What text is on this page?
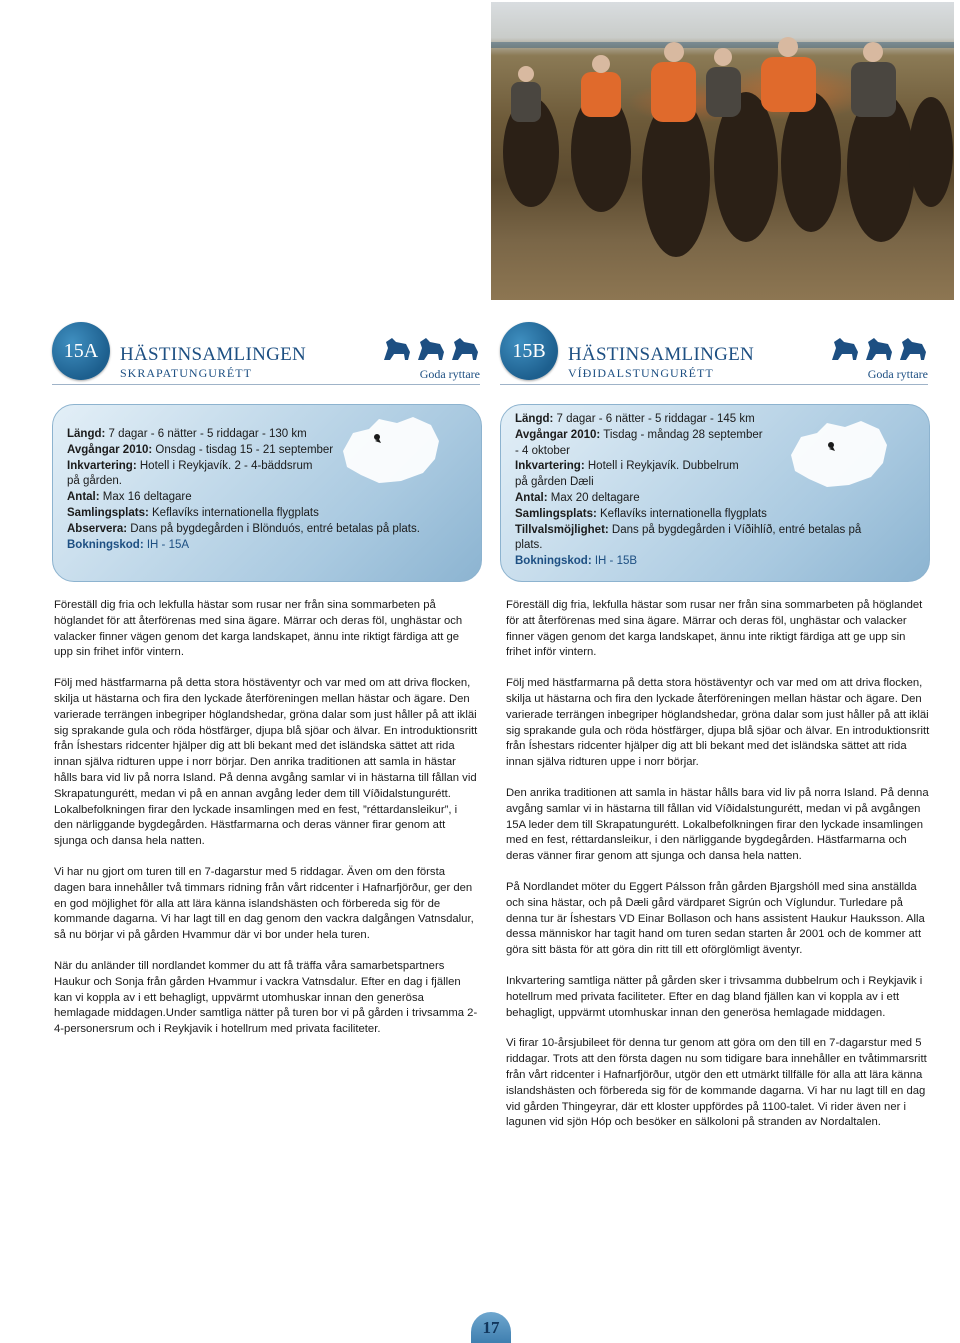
15A	HÄSTINSAMLINGEN
SKRAPATUNGURÉTT	Goda ryttare
15B	HÄSTINSAMLINGEN
VÍÐIDALSTUNGURÉTT	Goda ryttare
Längd: 7 dagar - 6 nätter - 5 riddagar - 130 km
Avgångar 2010: Onsdag - tisdag 15 - 21 september
Inkvartering: Hotell i Reykjavík. 2 - 4-bäddsrum
på gården.
Antal: Max 16 deltagare
Samlingsplats: Keflavíks internationella flygplats
Abservera: Dans på bygdegården i Blönduós, entré betalas på plats.
Bokningskod: IH - 15A
Längd: 7 dagar - 6 nätter - 5 riddagar - 145 km
Avgångar 2010: Tisdag - måndag 28 september
- 4 oktober
Inkvartering: Hotell i Reykjavík. Dubbelrum
på gården Dæli
Antal: Max 20 deltagare
Samlingsplats: Keflavíks internationella flygplats
Tillvalsmöjlighet: Dans på bygdegården i Víðihlíð, entré betalas på
plats.
Bokningskod: IH - 15B

Föreställ dig fria och lekfulla hästar som rusar ner från sina sommarbeten på höglandet för att återförenas med sina ägare. Märrar och deras föl, unghästar och valacker finner vägen genom det karga landskapet, ännu inte riktigt färdiga att ge upp sin frihet inför vintern.

Följ med hästfarmarna på detta stora höstäventyr och var med om att driva flocken, skilja ut hästarna och fira den lyckade återföreningen mellan hästar och ägare. Den varierade terrängen inbegriper höglandshedar, gröna dalar som just håller på att ikläi sig sprakande gula och röda höstfärger, djupa blå sjöar och älvar. En introduktionsritt från Íshestars ridcenter hjälper dig att bli bekant med det isländska sättet att rida innan själva ridturen uppe i norr börjar. Den anrika traditionen att samla in hästar hålls bara vid liv på norra Island. På denna avgång samlar vi in hästarna till fållan vid Skrapatungurétt, medan vi på en annan avgång leder dem till Víðidalstungurétt. Lokalbefolkningen firar den lyckade insamlingen med en fest, ”réttardansleikur”, i den närliggande bygdegården. Hästfarmarna och deras vänner firar genom att sjunga och dansa hela natten.

Vi har nu gjort om turen till en 7-dagarstur med 5 riddagar. Även om den första dagen bara innehåller två timmars ridning från vårt ridcenter i Hafnarfjörður, ger den en god möjlighet för alla att lära känna islandshästen och förbereda sig för de kommande dagarna. Vi har lagt till en dag genom den vackra dalgången Vatnsdalur, så nu börjar vi på gården Hvammur där vi bor under hela turen.

När du anländer till nordlandet kommer du att få träffa våra samarbetspartners Haukur och Sonja från gården Hvammur i vackra Vatnsdalur. Efter en dag i fjällen kan vi koppla av i ett behagligt, uppvärmt utomhuskar innan den generösa hemlagade middagen.Under samtliga nätter på turen bor vi på gården i trivsamma 2-4-personersrum och i Reykjavik i hotellrum med privata faciliteter.

Föreställ dig fria, lekfulla hästar som rusar ner från sina sommarbeten på höglandet för att återförenas med sina ägare. Märrar och deras föl, unghästar och valacker finner vägen genom det karga landskapet, ännu inte riktigt färdiga att ge upp sin frihet inför vintern.

Följ med hästfarmarna på detta stora höstäventyr och var med om att driva flocken, skilja ut hästarna och fira den lyckade återföreningen mellan hästar och ägare. Den varierade terrängen inbegriper höglandshedar, gröna dalar som just håller på att ikläi sig sprakande gula och röda höstfärger, djupa blå sjöar och älvar. En introduktionsritt från Íshestars ridcenter hjälper dig att bli bekant med det isländska sättet att rida innan själva ridturen uppe i norr börjar.

Den anrika traditionen att samla in hästar hålls bara vid liv på norra Island. På denna avgång samlar vi in hästarna till fållan vid Víðidalstungurétt, medan vi på avgången 15A leder dem till Skrapatungurétt. Lokalbefolkningen firar den lyckade insamlingen med en fest, réttardansleikur, i den närliggande bygdegården. Hästfarmarna och deras vänner firar genom att sjunga och dansa hela natten.

På Nordlandet möter du Eggert Pálsson från gården Bjargshóll med sina anställda och sina hästar, och på Dæli gård värdparet Sigrún och Víglundur. Turledare på denna tur är Íshestars VD Einar Bollason och hans assistent Haukur Hauksson. Alla dessa människor har tagit hand om turen sedan starten år 2001 och de kommer att göra sitt bästa för att göra din ritt till ett oförglömligt äventyr.

Inkvartering samtliga nätter på gården sker i trivsamma dubbelrum och i Reykjavik i hotellrum med privata faciliteter. Efter en dag bland fjällen kan vi koppla av i ett behagligt, uppvärmt utomhuskar innan den generösa hemlagade middagen.

Vi firar 10-årsjubileet för denna tur genom att göra om den till en 7-dagarstur med 5 riddagar. Trots att den första dagen nu som tidigare bara innehåller en tvåtimmarsritt från vårt ridcenter i Hafnarfjörður, utgör den ett utmärkt tillfälle för alla att lära känna islandshästen och förbereda sig för de kommande dagarna. Vi har nu lagt till en dag vid gården Thingeyrar, där ett kloster uppfördes på 1100-talet. Vi rider även ner i lagunen vid sjön Hóp och besöker en sälkoloni på stranden av Nordaltalen.

17
